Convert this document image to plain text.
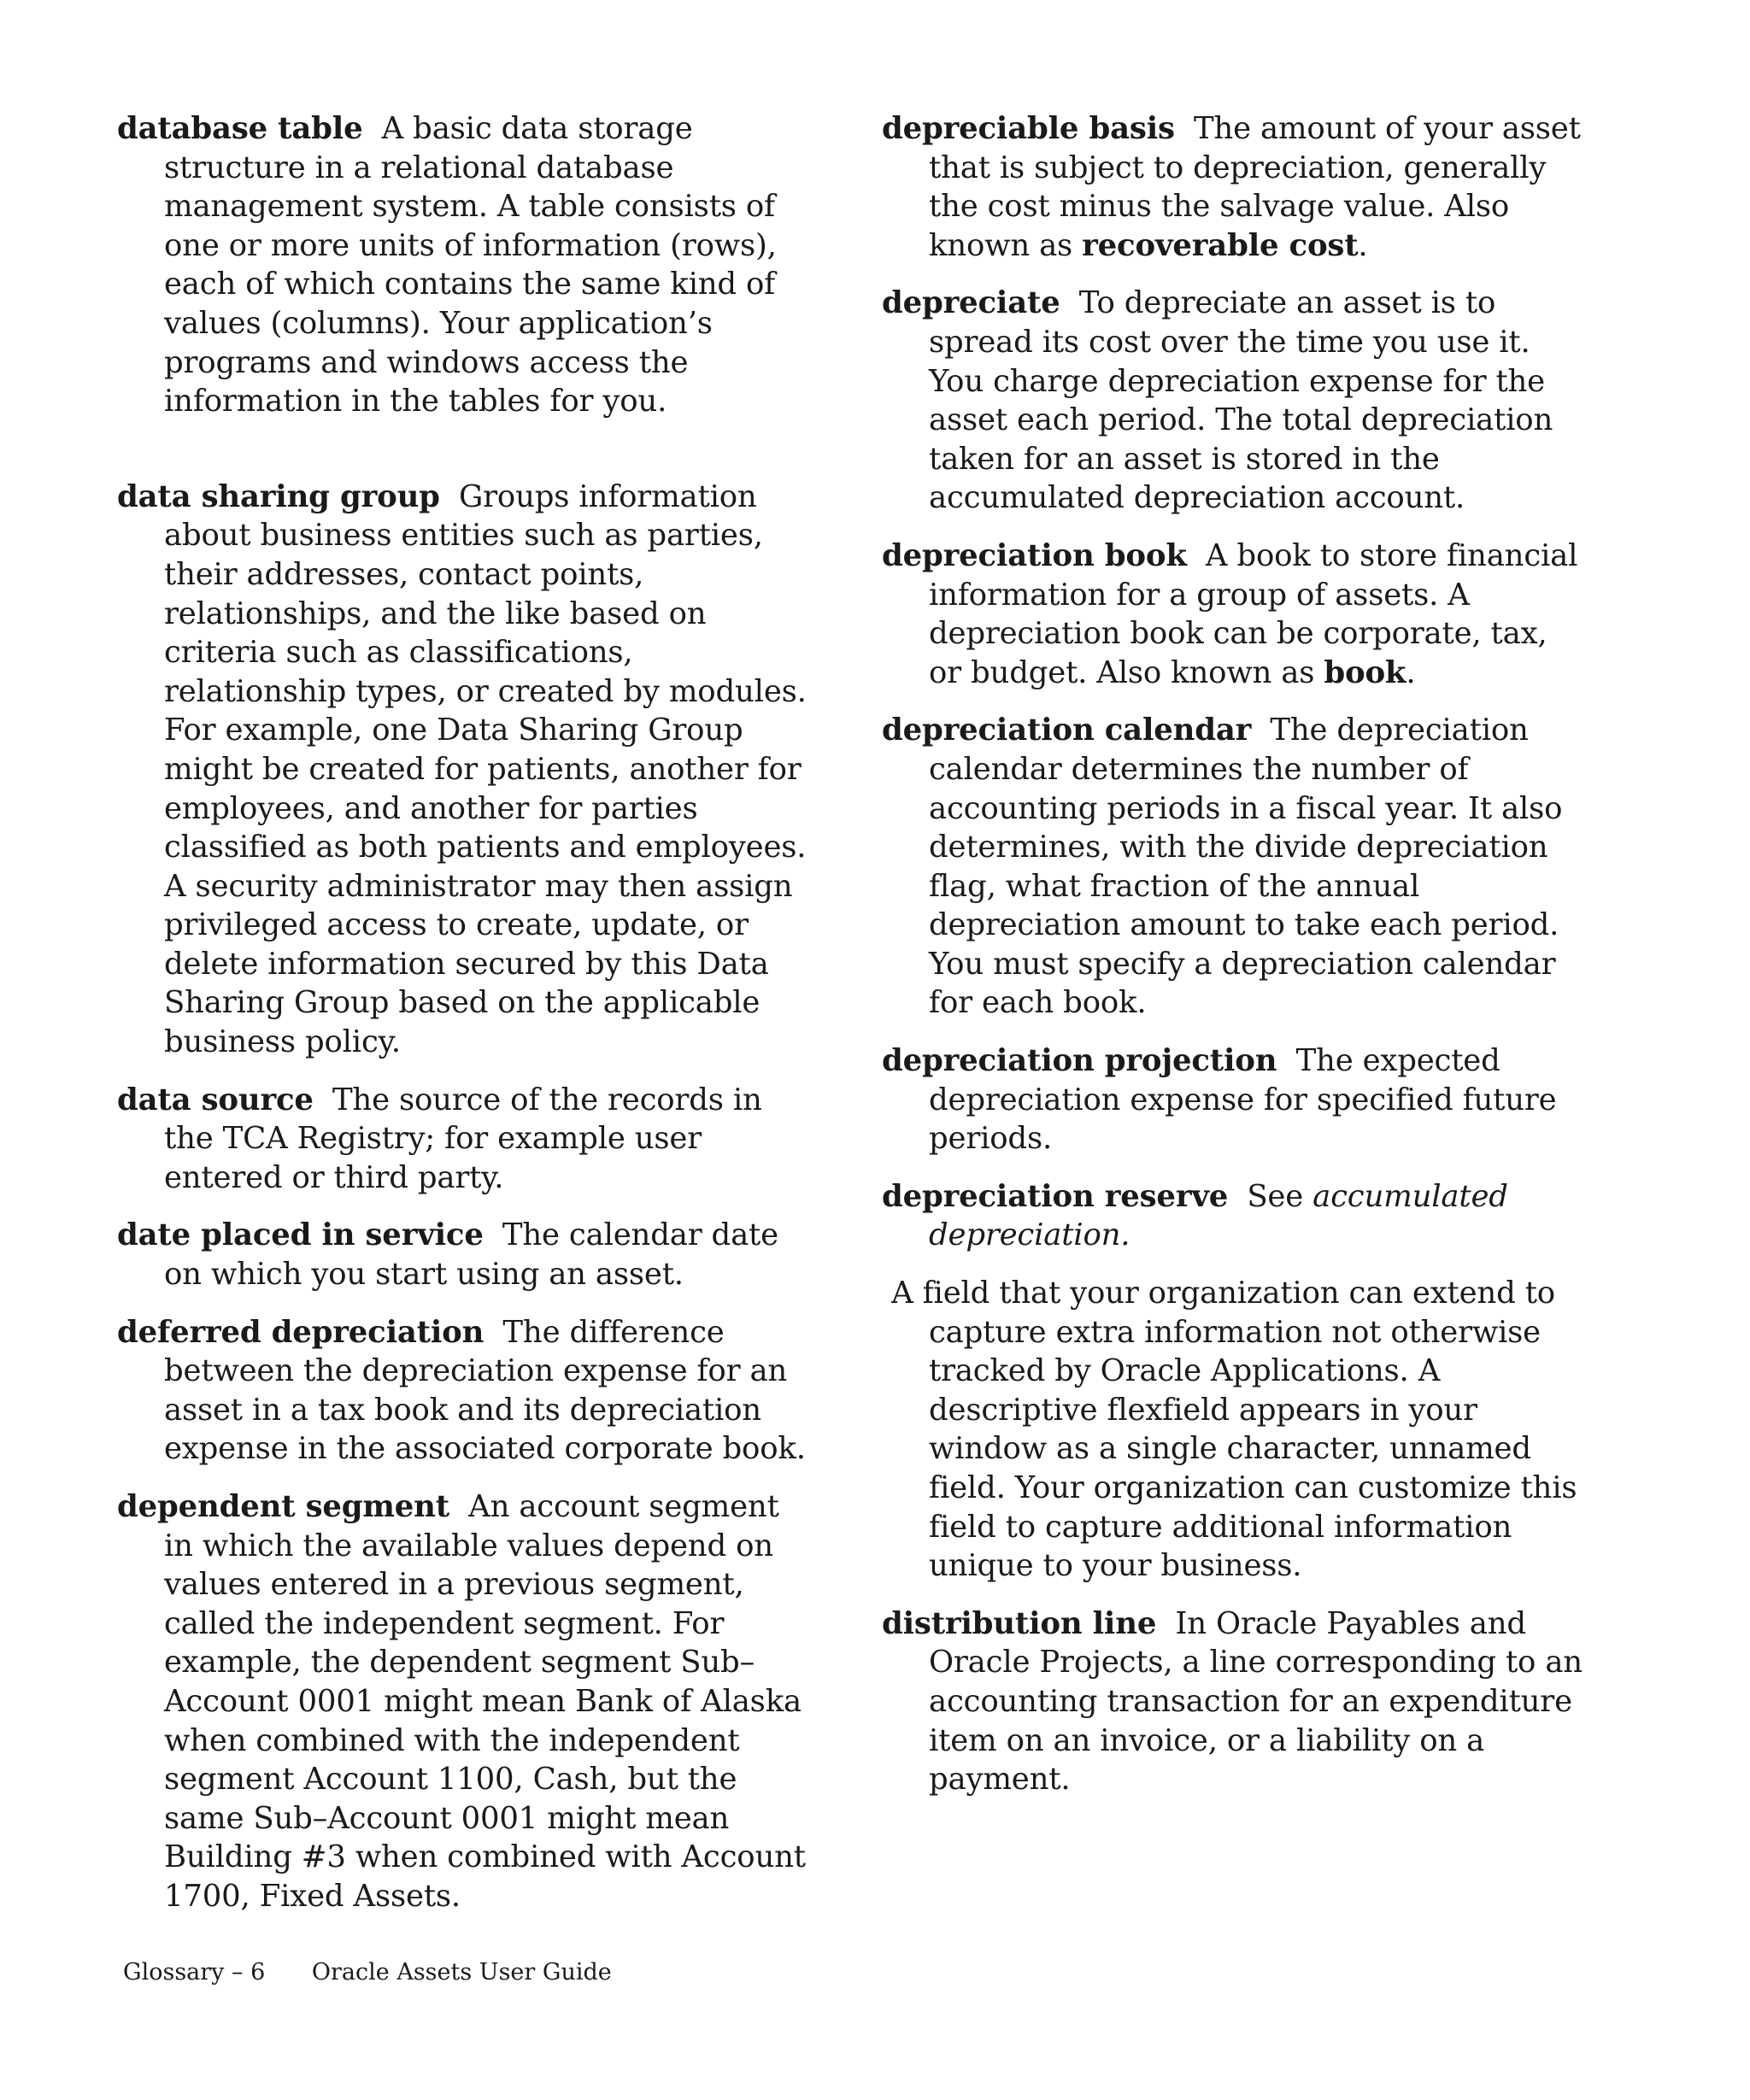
database table A basic data storage structure in a relational database management system. A table consists of one or more units of information (rows), each of which contains the same kind of values (columns). Your application’s programs and windows access the information in the tables for you.

data sharing group Groups information about business entities such as parties, their addresses, contact points, relationships, and the like based on criteria such as classifications, relationship types, or created by modules. For example, one Data Sharing Group might be created for patients, another for employees, and another for parties classified as both patients and employees. A security administrator may then assign privileged access to create, update, or delete information secured by this Data Sharing Group based on the applicable business policy.

data source The source of the records in the TCA Registry; for example user entered or third party.

date placed in service The calendar date on which you start using an asset.

deferred depreciation The difference between the depreciation expense for an asset in a tax book and its depreciation expense in the associated corporate book.

dependent segment An account segment in which the available values depend on values entered in a previous segment, called the independent segment. For example, the dependent segment Sub–Account 0001 might mean Bank of Alaska when combined with the independent segment Account 1100, Cash, but the same Sub–Account 0001 might mean Building #3 when combined with Account 1700, Fixed Assets.

depreciable basis The amount of your asset that is subject to depreciation, generally the cost minus the salvage value. Also known as recoverable cost.

depreciate To depreciate an asset is to spread its cost over the time you use it. You charge depreciation expense for the asset each period. The total depreciation taken for an asset is stored in the accumulated depreciation account.

depreciation book A book to store financial information for a group of assets. A depreciation book can be corporate, tax, or budget. Also known as book.

depreciation calendar The depreciation calendar determines the number of accounting periods in a fiscal year. It also determines, with the divide depreciation flag, what fraction of the annual depreciation amount to take each period. You must specify a depreciation calendar for each book.

depreciation projection The expected depreciation expense for specified future periods.

depreciation reserve See accumulated depreciation.

A field that your organization can extend to capture extra information not otherwise tracked by Oracle Applications. A descriptive flexfield appears in your window as a single character, unnamed field. Your organization can customize this field to capture additional information unique to your business.

distribution line In Oracle Payables and Oracle Projects, a line corresponding to an accounting transaction for an expenditure item on an invoice, or a liability on a payment.

Glossary – 6 Oracle Assets User Guide
